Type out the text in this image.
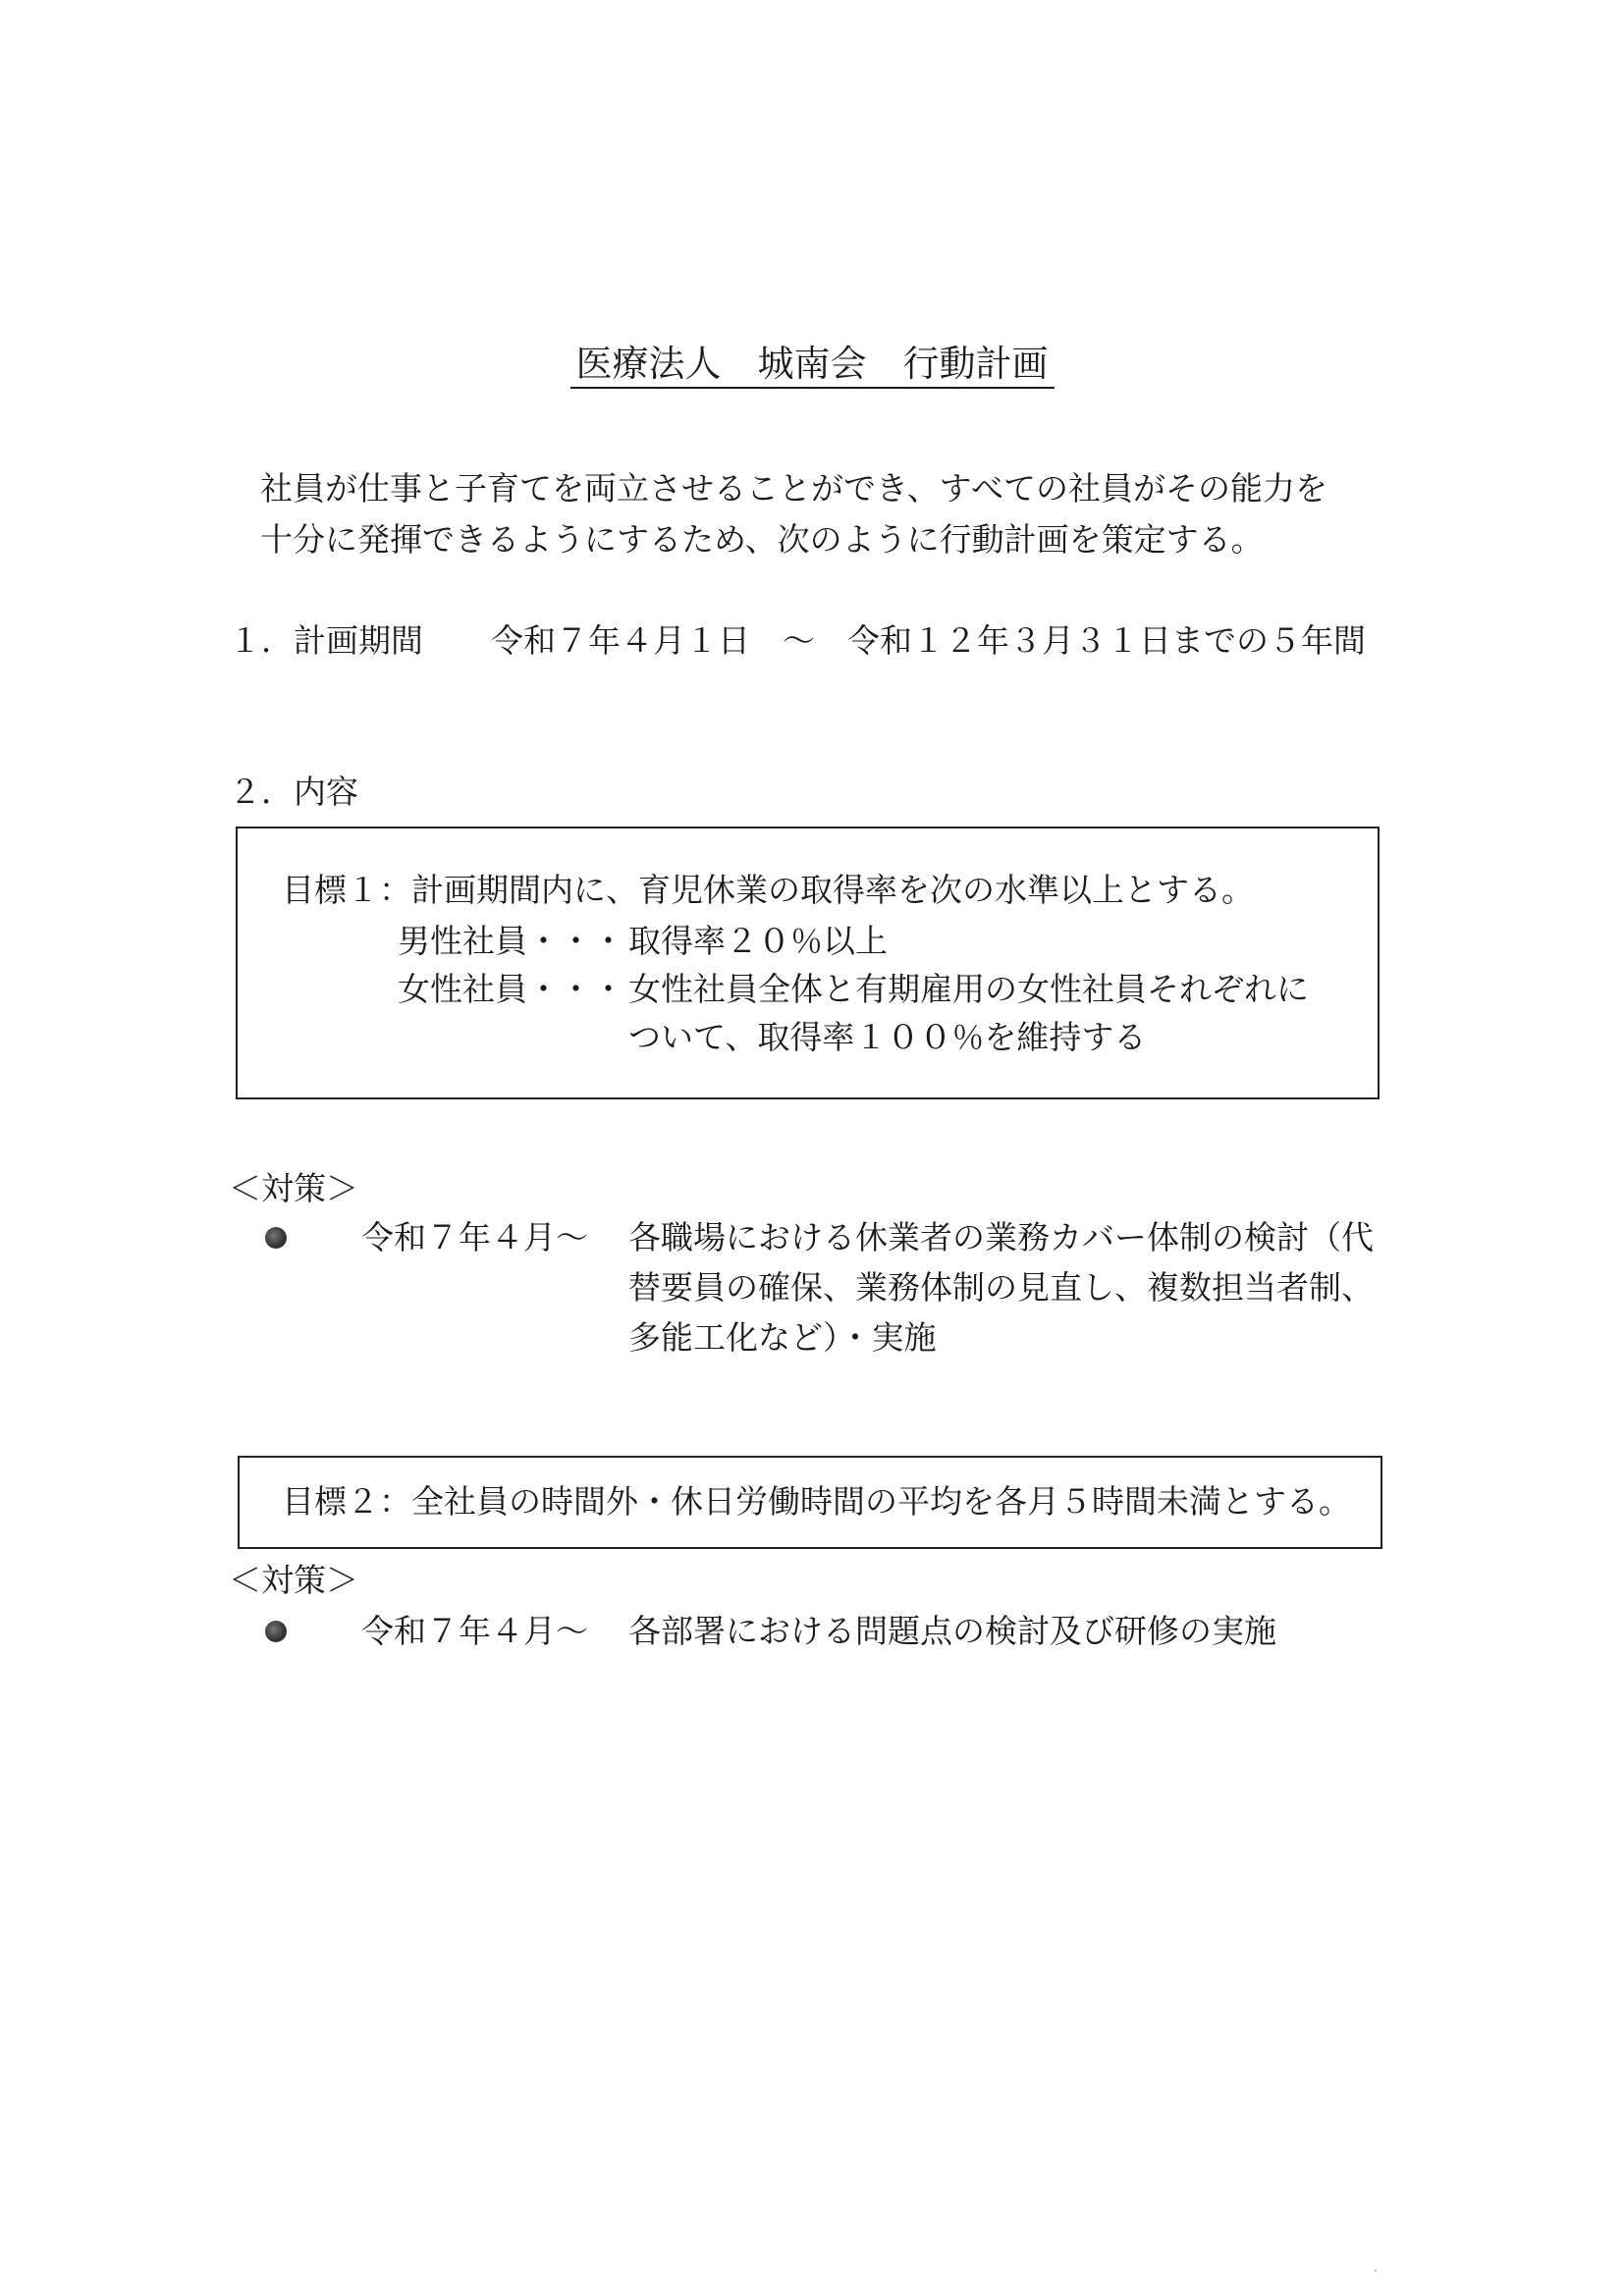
医療法人　城南会　行動計画
社員が仕事と子育てを両立させることができ、すべての社員がその能力を
十分に発揮できるようにするため、次のように行動計画を策定する。
１．計画期間 令和７年４月１日　～　令和１２年３月３１日までの５年間
２．内容
目標１：計画期間内に、育児休業の取得率を次の水準以上とする。
男性社員・・・ 取得率２０％以上
女性社員・・・ 女性社員全体と有期雇用の女性社員それぞれに
ついて、取得率１００％を維持する
＜対策＞
令和７年４月～ 各職場における休業者の業務カバー体制の検討（代
替要員の確保、業務体制の見直し、複数担当者制、
多能工化など）・実施
目標２：全社員の時間外・休日労働時間の平均を各月５時間未満とする。
＜対策＞
令和７年４月～ 各部署における問題点の検討及び研修の実施
